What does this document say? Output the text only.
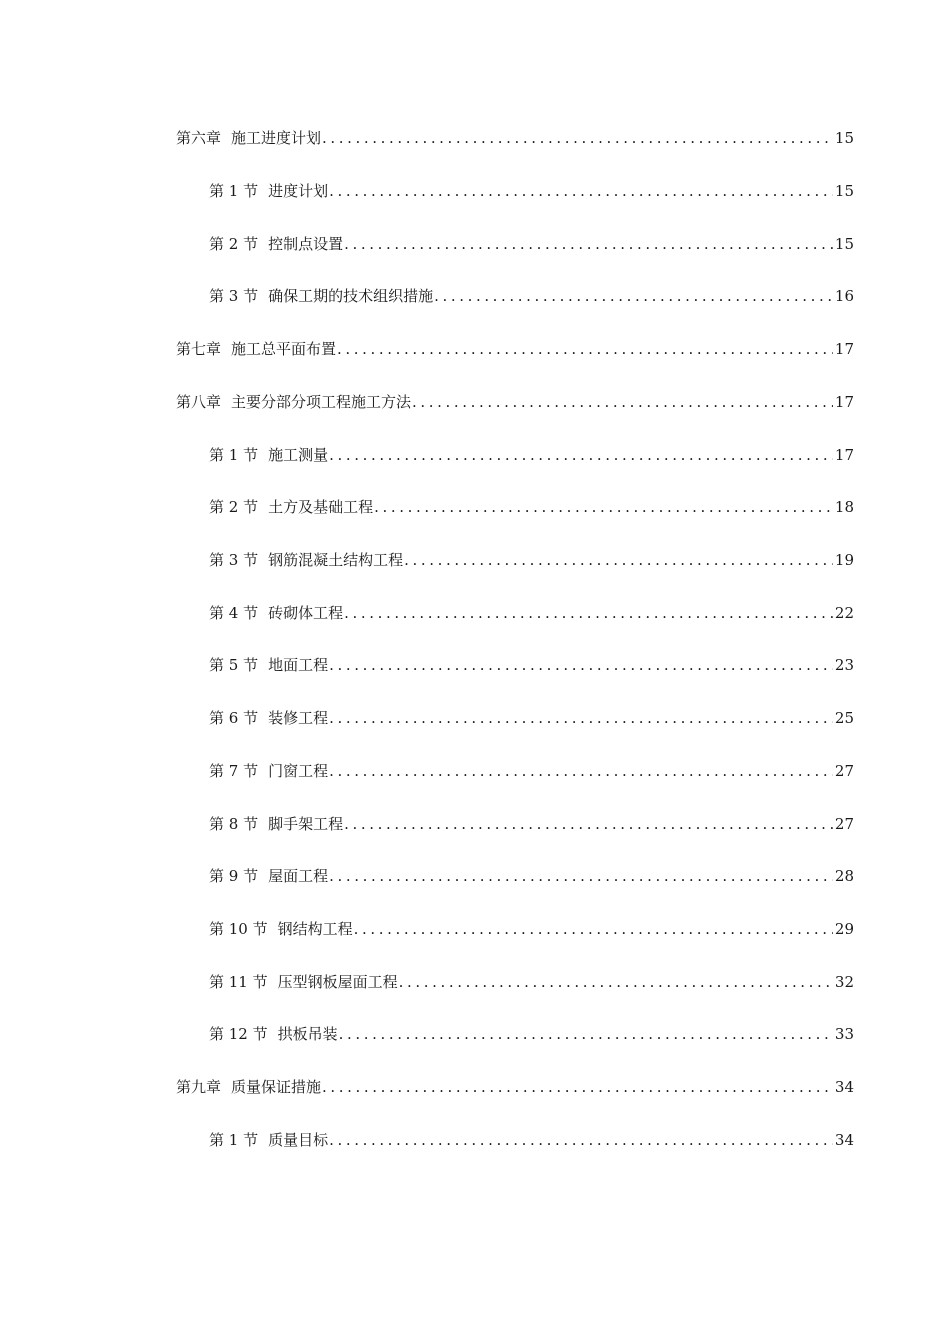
第六章 施工进度计划 .....	15
第 1 节 进度计划 .....	15
第 2 节 控制点设置 .....	15
第 3 节 确保工期的技术组织措施 .....	16
第七章 施工总平面布置 .....	17
第八章 主要分部分项工程施工方法 .....	17
第 1 节 施工测量 .....	17
第 2 节 土方及基础工程 .....	18
第 3 节 钢筋混凝土结构工程 .....	19
第 4 节 砖砌体工程 .....	22
第 5 节 地面工程 .....	23
第 6 节 装修工程 .....	25
第 7 节 门窗工程 .....	27
第 8 节 脚手架工程 .....	27
第 9 节 屋面工程 .....	28
第 10 节 钢结构工程 .....	29
第 11 节 压型钢板屋面工程 .....	32
第 12 节 拱板吊装 .....	33
第九章 质量保证措施 .....	34
第 1 节 质量目标 .....	34
